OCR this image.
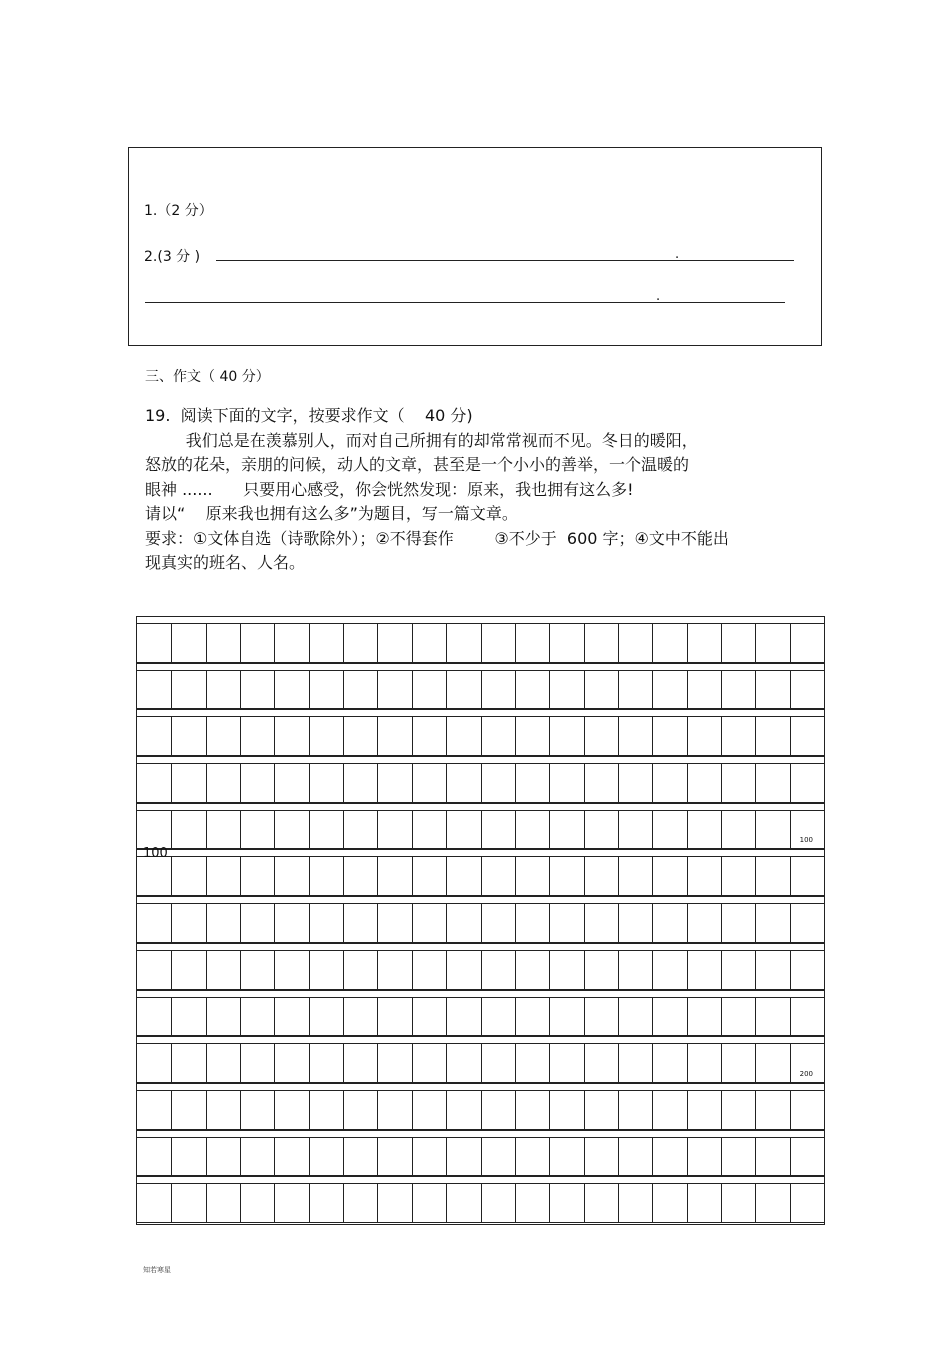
1.（2 分）
2.(3 分 )	.
.
三、作文（ 40 分）

19.  阅读下面的文字，按要求作文（    40 分)

我们总是在羡慕别人，而对自己所拥有的却常常视而不见。冬日的暖阳，

怒放的花朵，亲朋的问候，动人的文章，甚至是一个小小的善举，一个温暖的

眼神 ......      只要用心感受，你会恍然发现：原来，我也拥有这么多!

请以“    原来我也拥有这么多”为题目，写一篇文章。

要求：①文体自选（诗歌除外）；②不得套作        ③不少于  600 字；④文中不能出

现真实的班名、人名。

100
100
200
知若寒星
